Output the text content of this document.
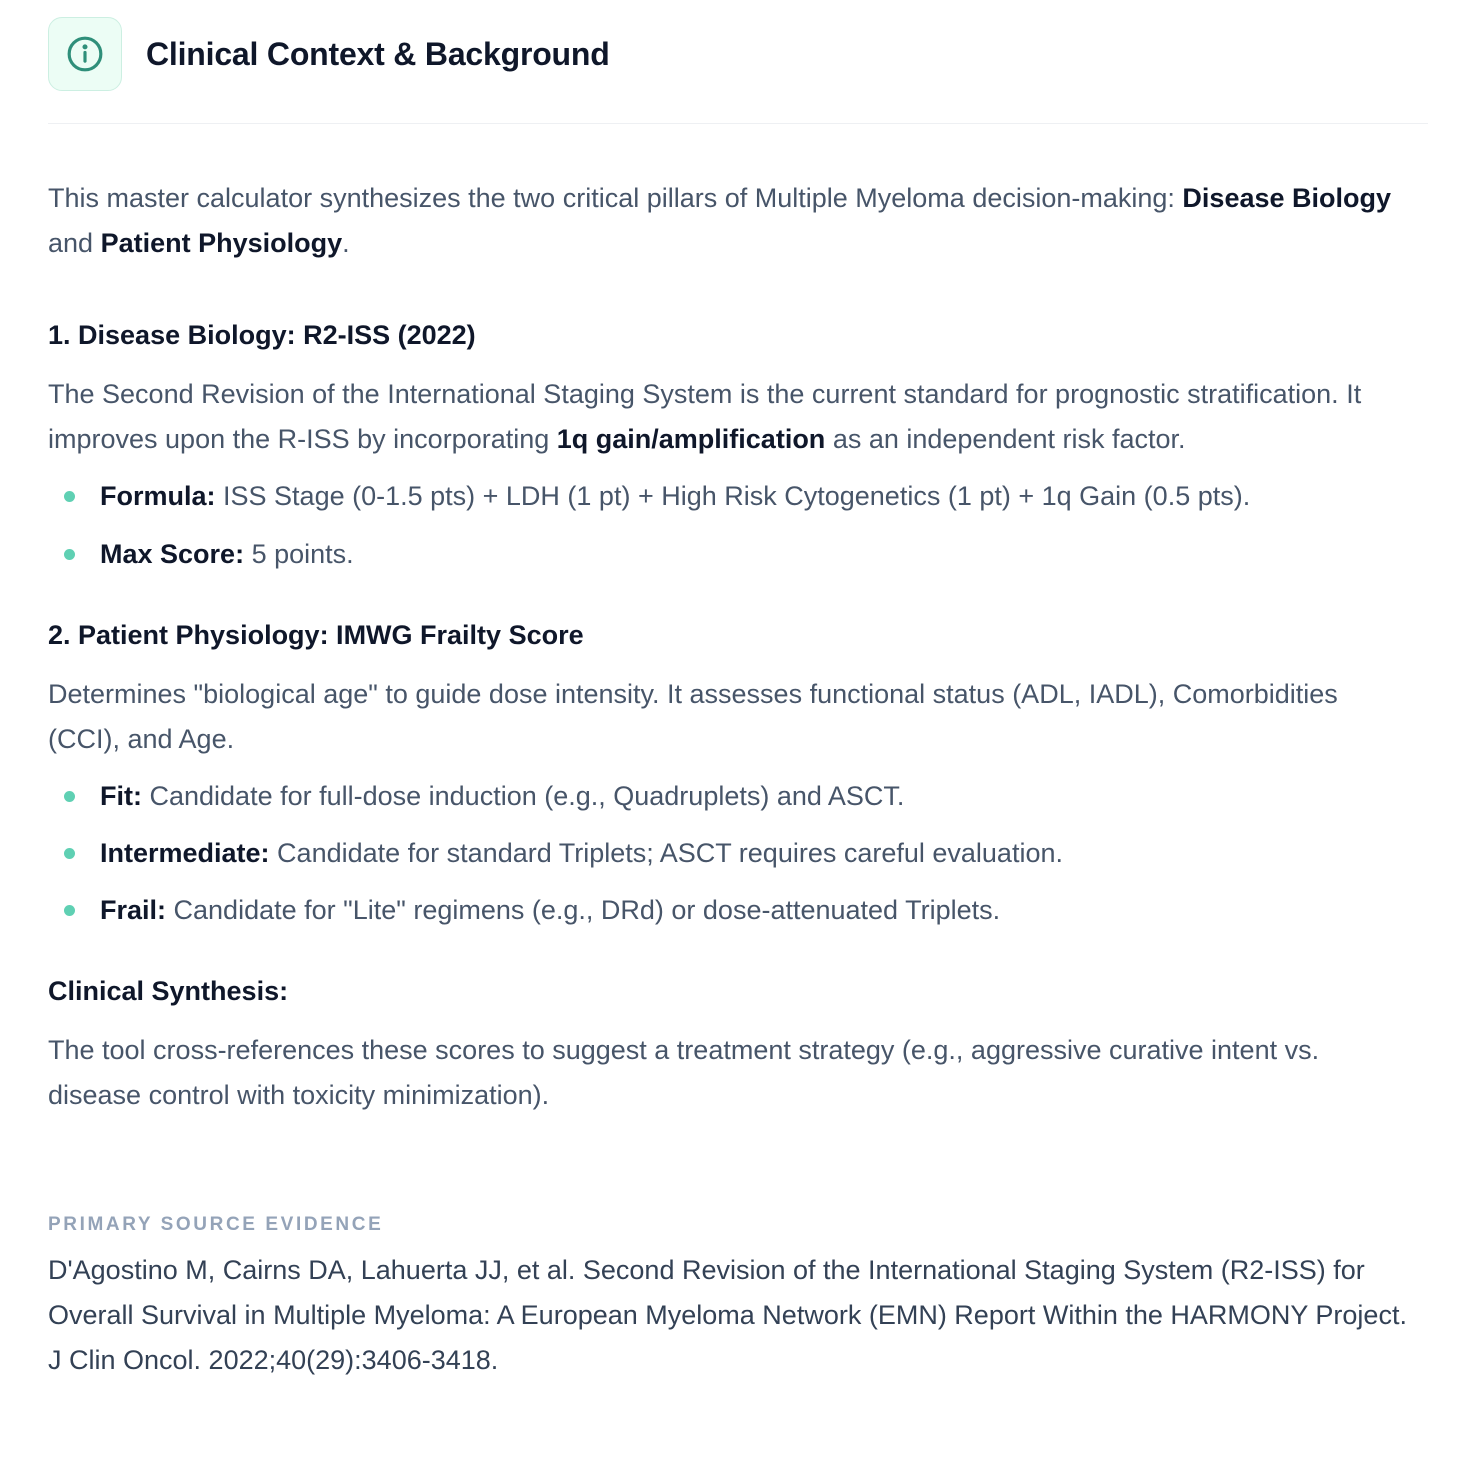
Clinical Context & Background

This master calculator synthesizes the two critical pillars of Multiple Myeloma decision-making: Disease Biology and Patient Physiology.

1. Disease Biology: R2-ISS (2022)

The Second Revision of the International Staging System is the current standard for prognostic stratification. It improves upon the R-ISS by incorporating 1q gain/amplification as an independent risk factor.

Formula: ISS Stage (0-1.5 pts) + LDH (1 pt) + High Risk Cytogenetics (1 pt) + 1q Gain (0.5 pts).
Max Score: 5 points.
2. Patient Physiology: IMWG Frailty Score

Determines "biological age" to guide dose intensity. It assesses functional status (ADL, IADL), Comorbidities (CCI), and Age.

Fit: Candidate for full-dose induction (e.g., Quadruplets) and ASCT.
Intermediate: Candidate for standard Triplets; ASCT requires careful evaluation.
Frail: Candidate for "Lite" regimens (e.g., DRd) or dose-attenuated Triplets.
Clinical Synthesis:

The tool cross-references these scores to suggest a treatment strategy (e.g., aggressive curative intent vs. disease control with toxicity minimization).

PRIMARY SOURCE EVIDENCE

D'Agostino M, Cairns DA, Lahuerta JJ, et al. Second Revision of the International Staging System (R2-ISS) for Overall Survival in Multiple Myeloma: A European Myeloma Network (EMN) Report Within the HARMONY Project. J Clin Oncol. 2022;40(29):3406-3418.
